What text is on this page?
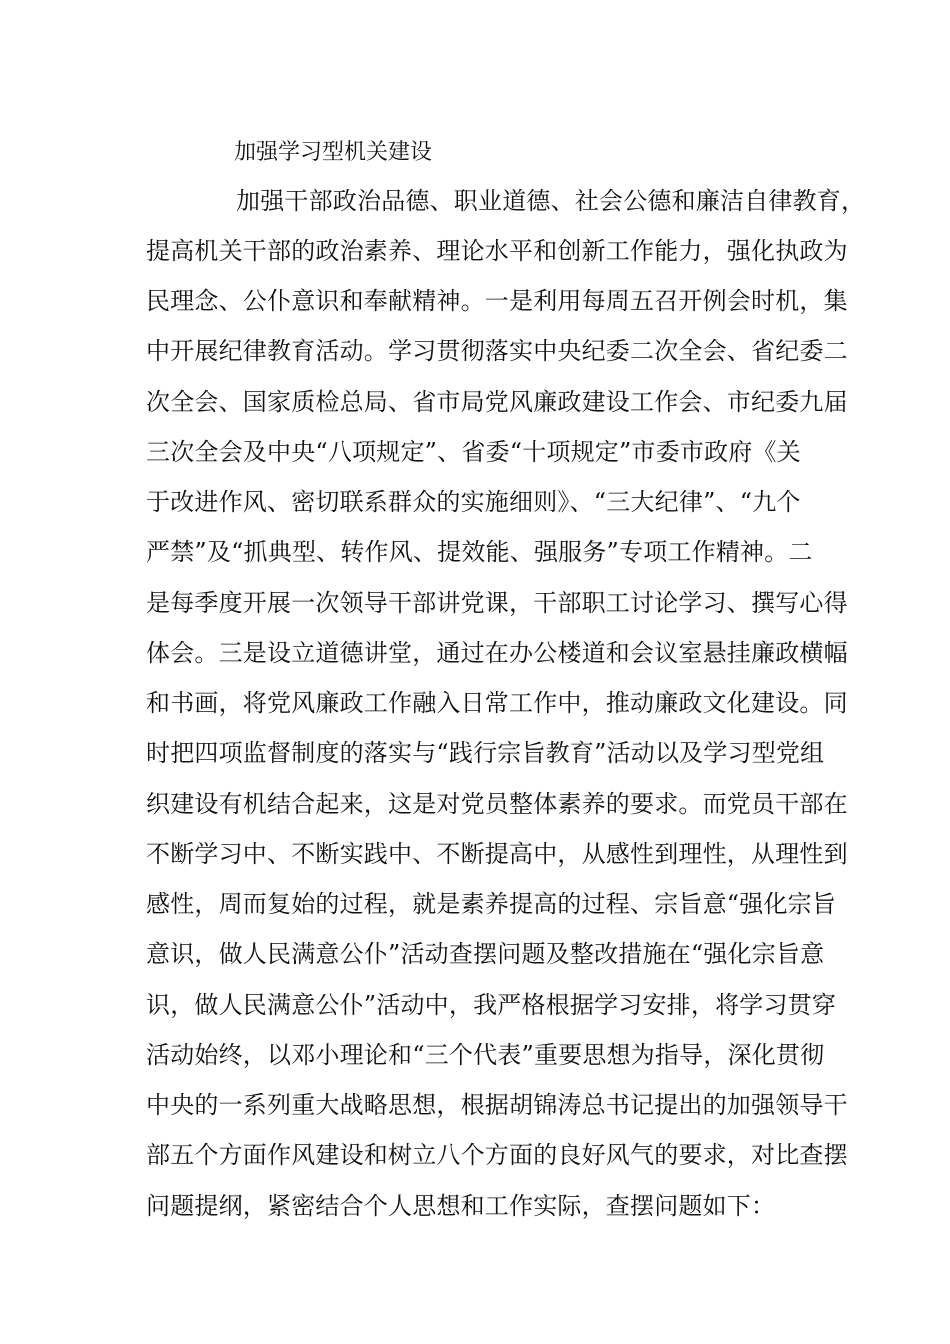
加强学习型机关建设
加强干部政治品德、职业道德、社会公德和廉洁自律教育，
提高机关干部的政治素养、理论水平和创新工作能力，强化执政为
民理念、公仆意识和奉献精神。一是利用每周五召开例会时机，集
中开展纪律教育活动。学习贯彻落实中央纪委二次全会、省纪委二
次全会、国家质检总局、省市局党风廉政建设工作会、市纪委九届
三次全会及中央“八项规定”、省委“十项规定”市委市政府《关
于改进作风、密切联系群众的实施细则》、“三大纪律”、“九个
严禁”及“抓典型、转作风、提效能、强服务”专项工作精神。二
是每季度开展一次领导干部讲党课，干部职工讨论学习、撰写心得
体会。三是设立道德讲堂，通过在办公楼道和会议室悬挂廉政横幅
和书画，将党风廉政工作融入日常工作中，推动廉政文化建设。同
时把四项监督制度的落实与“践行宗旨教育”活动以及学习型党组
织建设有机结合起来，这是对党员整体素养的要求。而党员干部在
不断学习中、不断实践中、不断提高中，从感性到理性，从理性到
感性，周而复始的过程，就是素养提高的过程、宗旨意“强化宗旨
意识，做人民满意公仆”活动查摆问题及整改措施在“强化宗旨意
识，做人民满意公仆”活动中，我严格根据学习安排，将学习贯穿
活动始终，以邓小理论和“三个代表”重要思想为指导，深化贯彻
中央的一系列重大战略思想，根据胡锦涛总书记提出的加强领导干
部五个方面作风建设和树立八个方面的良好风气的要求，对比查摆
问题提纲，紧密结合个人思想和工作实际，查摆问题如下：
